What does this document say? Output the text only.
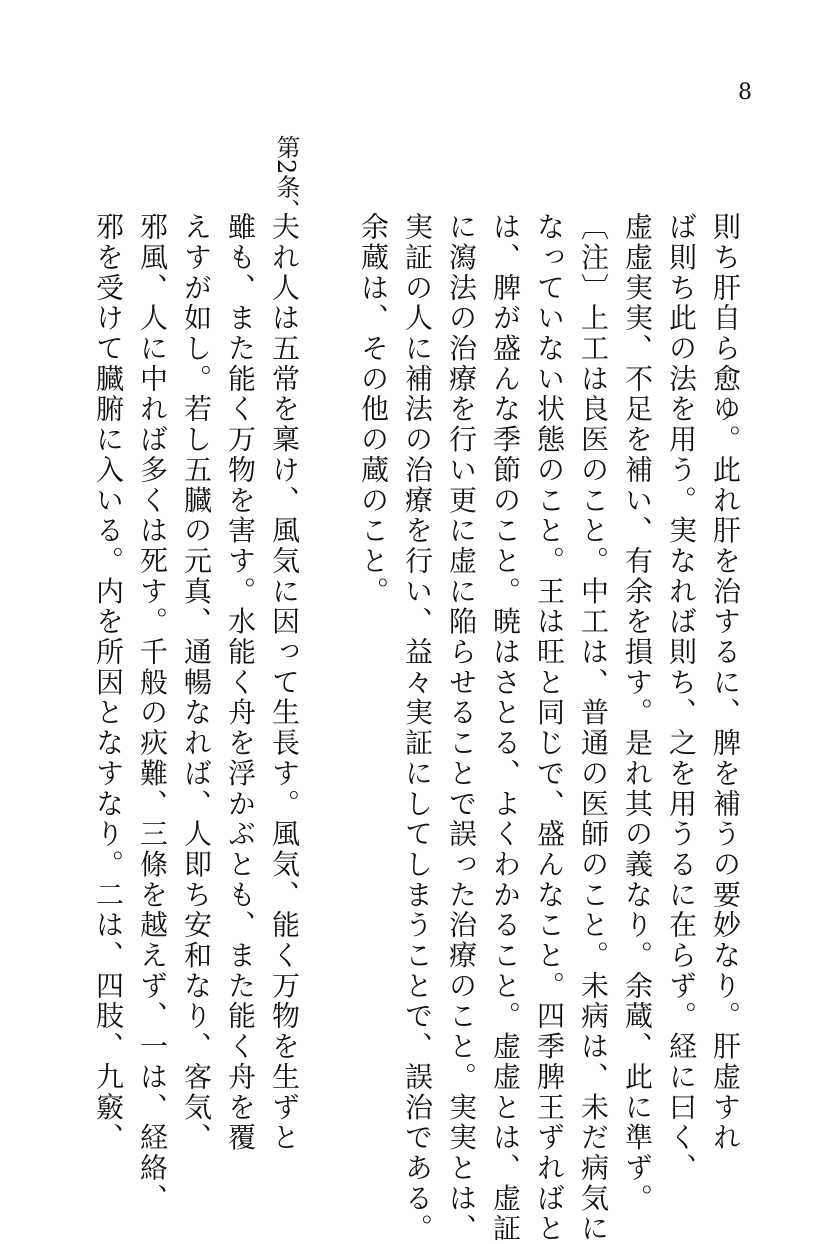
8
則ち肝自ら愈ゆ。此れ肝を治するに、脾を補うの要妙なり。肝虚すれ
ば則ち此の法を用う。実なれば則ち、之を用うるに在らず。経に曰く、
虚虚実実、不足を補い、有余を損す。是れ其の義なり。余蔵、此に準ず。
〔注〕上工は良医のこと。中工は、普通の医師のこと。未病は、未だ病気に
なっていない状態のこと。王は旺と同じで、盛んなこと。四季脾王ずればと
は、脾が盛んな季節のこと。暁はさとる、よくわかること。虚虚とは、虚証
に瀉法の治療を行い更に虚に陥らせることで誤った治療のこと。実実とは、
実証の人に補法の治療を行い、益々実証にしてしまうことで、誤治である。
余蔵は、その他の蔵のこと。
第2条、
夫れ人は五常を稟け、風気に因って生長す。風気、能く万物を生ずと
雖も、また能く万物を害す。水能く舟を浮かぶとも、また能く舟を覆
えすが如し。若し五臓の元真、通暢なれば、人即ち安和なり、客気、
邪風、人に中れば多くは死す。千般の疢難、三條を越えず、一は、経絡、
邪を受けて臓腑に入いる。内を所因となすなり。二は、四肢、九竅、
